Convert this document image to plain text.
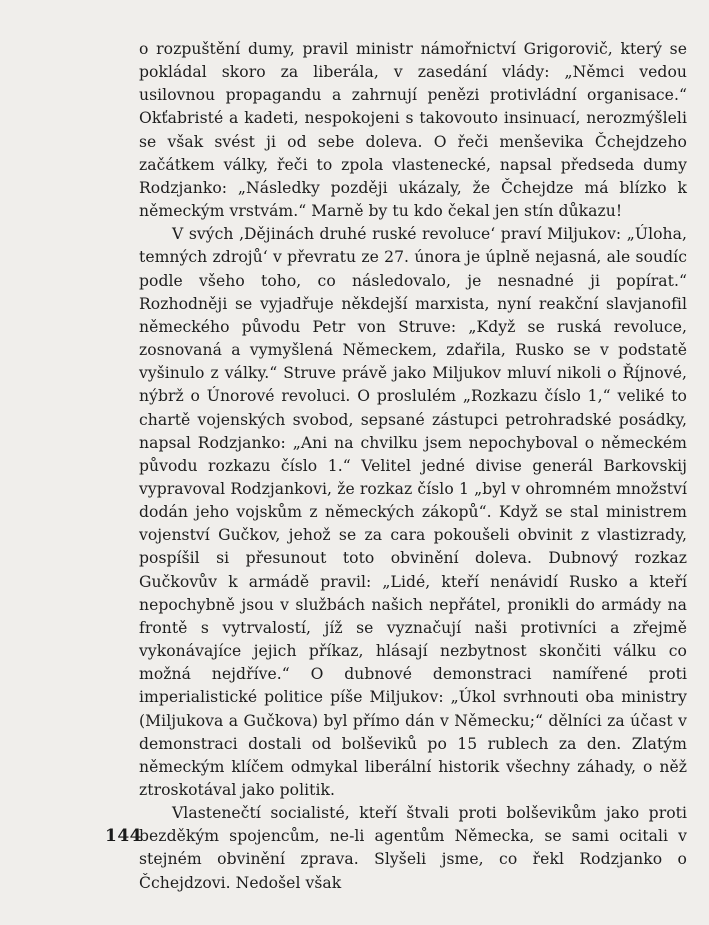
o rozpuštění dumy, pravil ministr námořnictví Grigorovič, který se pokládal skoro za liberála, v zasedání vlády: „Němci vedou usilovnou propagandu a zahrnují penězi protivládní organisace.“ Okťabristé a kadeti, nespokojeni s takovouto insinuací, nerozmýšleli se však svést ji od sebe doleva. O řeči menševika Čchejdzeho začátkem války, řeči to zpola vlastenecké, napsal předseda dumy Rodzjanko: „Následky později ukázaly, že Čchejdze má blízko k německým vrstvám.“ Marně by tu kdo čekal jen stín důkazu!

V svých ‚Dějinách druhé ruské revoluce‘ praví Miljukov: „Úloha, temných zdrojů‘ v převratu ze 27. února je úplně nejasná, ale soudíc podle všeho toho, co následovalo, je nesnadné ji popírat.“ Rozhodněji se vyjadřuje někdejší marxista, nyní reakční slavjanofil německého původu Petr von Struve: „Když se ruská revoluce, zosnovaná a vymyšlená Německem, zdařila, Rusko se v podstatě vyšinulo z války.“ Struve právě jako Miljukov mluví nikoli o Říjnové, nýbrž o Únorové revoluci. O proslulém „Rozkazu číslo 1,“ veliké to chartě vojenských svobod, sepsané zástupci petrohradské posádky, napsal Rodzjanko: „Ani na chvilku jsem nepochyboval o německém původu rozkazu číslo 1.“ Velitel jedné divise generál Barkovskij vypravoval Rodzjankovi, že rozkaz číslo 1 „byl v ohromném množství dodán jeho vojskům z německých zákopů“. Když se stal ministrem vojenství Gučkov, jehož se za cara pokoušeli obvinit z vlastizrady, pospíšil si přesunout toto obvinění doleva. Dubnový rozkaz Gučkovův k armádě pravil: „Lidé, kteří nenávidí Rusko a kteří nepochybně jsou v službách našich nepřátel, pronikli do armády na frontě s vytrvalostí, jíž se vyznačují naši protivníci a zřejmě vykonávajíce jejich příkaz, hlásají nezbytnost skončiti válku co možná nejdříve.“ O dubnové demonstraci namířené proti imperialistické politice píše Miljukov: „Úkol svrhnouti oba ministry (Miljukova a Gučkova) byl přímo dán v Německu;“ dělníci za účast v demonstraci dostali od bolševiků po 15 rublech za den. Zlatým německým klíčem odmykal liberální historik všechny záhady, o něž ztroskotával jako politik.

Vlastenečtí socialisté, kteří štvali proti bolševikům jako proti bezděkým spojencům, ne-li agentům Německa, se sami ocitali v stejném obvinění zprava. Slyšeli jsme, co řekl Rodzjanko o Čchejdzovi. Nedošel však

144
